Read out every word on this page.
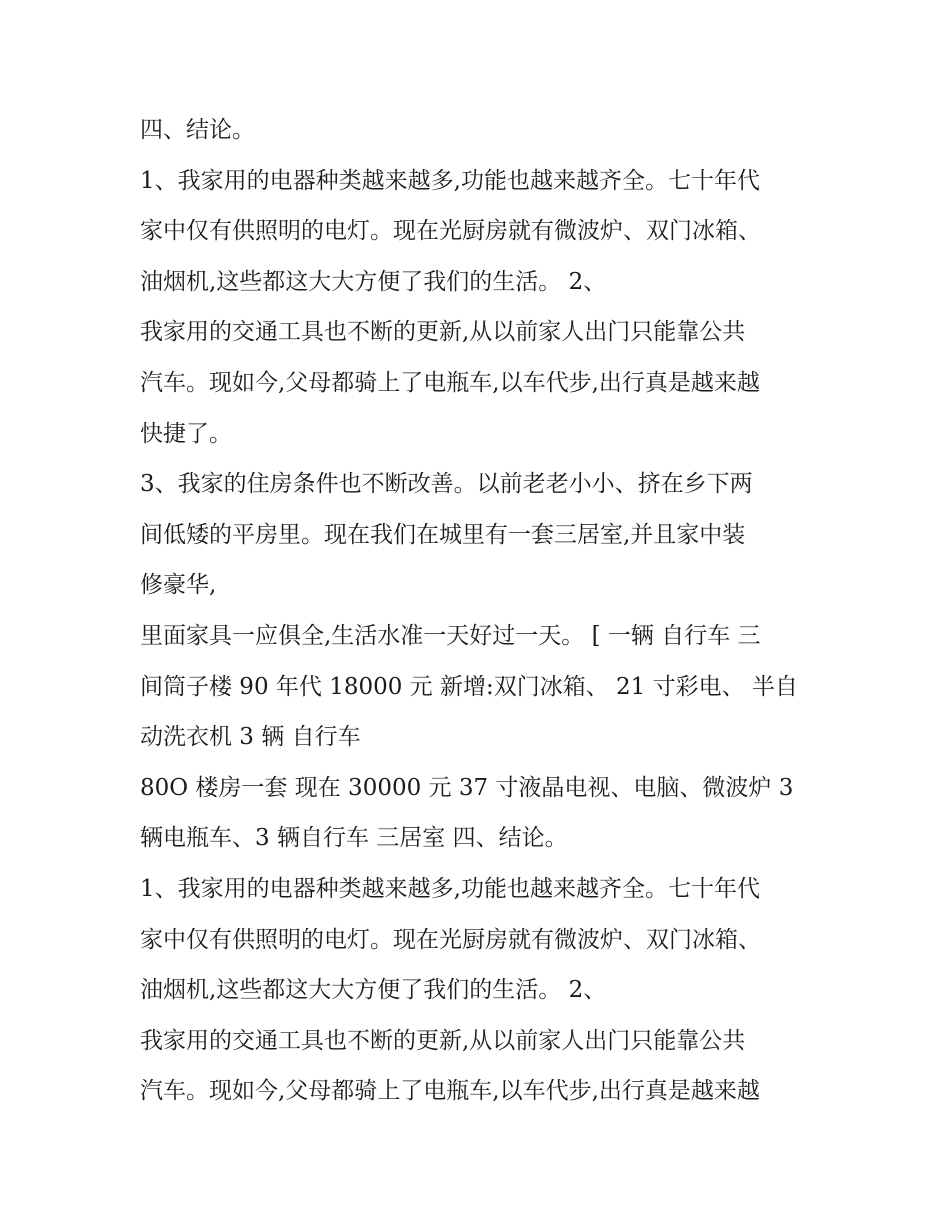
四、结论。
1、我家用的电器种类越来越多,功能也越来越齐全。七十年代
家中仅有供照明的电灯。现在光厨房就有微波炉、双门冰箱、
油烟机,这些都这大大方便了我们的生活。 2、
我家用的交通工具也不断的更新,从以前家人出门只能靠公共
汽车。现如今,父母都骑上了电瓶车,以车代步,出行真是越来越
快捷了。
3、我家的住房条件也不断改善。以前老老小小、挤在乡下两
间低矮的平房里。现在我们在城里有一套三居室,并且家中装
修豪华,
里面家具一应俱全,生活水准一天好过一天。 [ 一辆 自行车 三
间筒子楼 90 年代 18000 元 新增:双门冰箱、 21 寸彩电、 半自
动洗衣机 3 辆 自行车
80O 楼房一套 现在 30000 元 37 寸液晶电视、电脑、微波炉 3
辆电瓶车、3 辆自行车 三居室 四、结论。
1、我家用的电器种类越来越多,功能也越来越齐全。七十年代
家中仅有供照明的电灯。现在光厨房就有微波炉、双门冰箱、
油烟机,这些都这大大方便了我们的生活。 2、
我家用的交通工具也不断的更新,从以前家人出门只能靠公共
汽车。现如今,父母都骑上了电瓶车,以车代步,出行真是越来越
